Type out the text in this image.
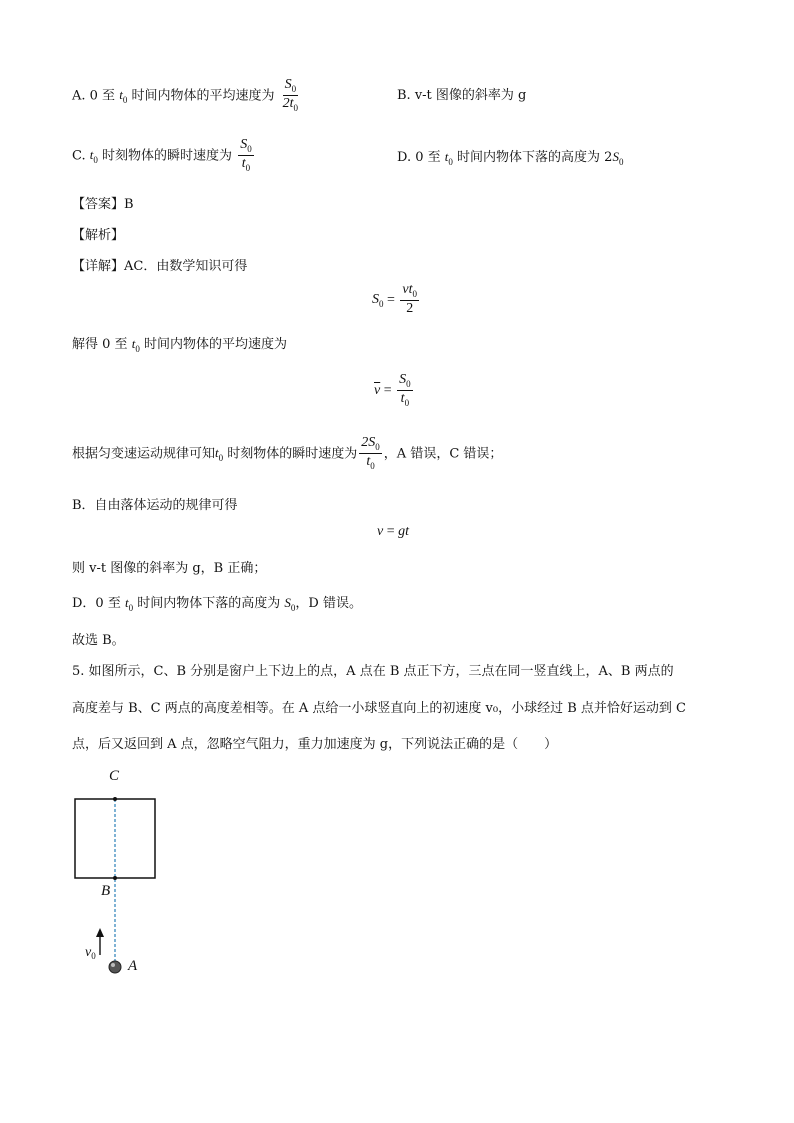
A. 0 至 $t_0$ 时间内物体的平均速度为 $\frac{S_0}{2t_0}$	B. v-t 图像的斜率为 g
C. $t_0$ 时刻物体的瞬时速度为 $\frac{S_0}{t_0}$	D. 0 至 $t_0$ 时间内物体下落的高度为 $2S_0$
【答案】B
【解析】
【详解】AC．由数学知识可得
$S_0 = \frac{vt_0}{2}$
解得 0 至 $t_0$ 时间内物体的平均速度为
$\overline{v} = \frac{S_0}{t_0}$
根据匀变速运动规律可知$t_0$ 时刻物体的瞬时速度为 $\frac{2S_0}{t_0}$ ，A 错误，C 错误；
B．自由落体运动的规律可得
v = gt
则 v-t 图像的斜率为 g，B 正确；
D．0 至 $t_0$ 时间内物体下落的高度为 $S_0$，D 错误。
故选 B。
5. 如图所示，C、B 分别是窗户上下边上的点，A 点在 B 点正下方，三点在同一竖直线上，A、B 两点的
高度差与 B、C 两点的高度差相等。在 A 点给一小球竖直向上的初速度 v₀，小球经过 B 点并恰好运动到 C
点，后又返回到 A 点，忽略空气阻力，重力加速度为 g，下列说法正确的是（　　）
C
B
$v_0$
A
